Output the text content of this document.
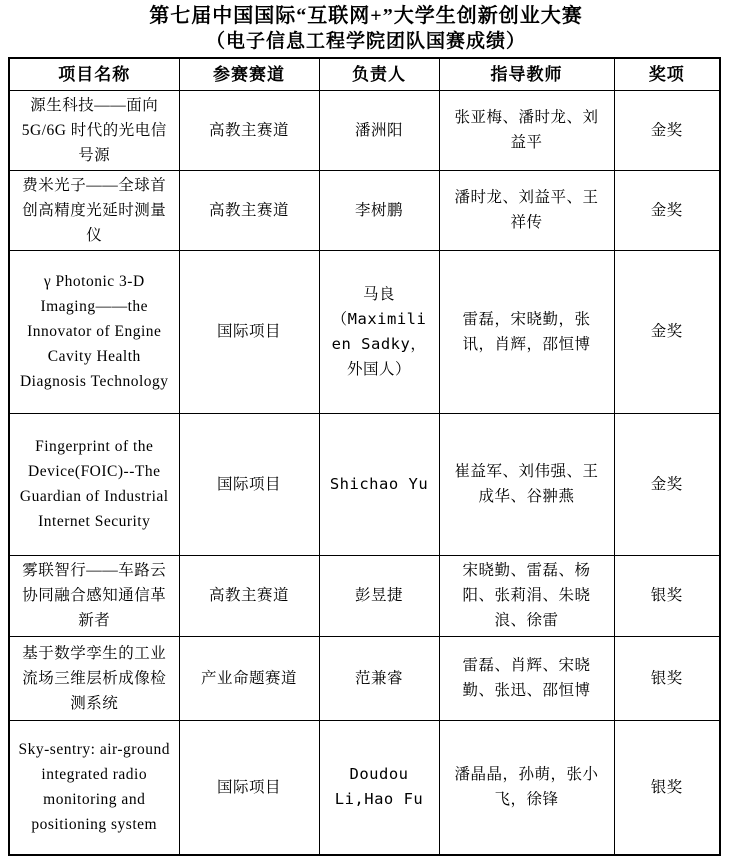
第七届中国国际“互联网+”大学生创新创业大赛
（电子信息工程学院团队国赛成绩）
项目名称	参赛赛道	负责人	指导教师	奖项
源生科技——面向5G/6G 时代的光电信号源	高教主赛道	潘洲阳	张亚梅、潘时龙、刘益平	金奖
费米光子——全球首创高精度光延时测量仪	高教主赛道	李树鹏	潘时龙、刘益平、王祥传	金奖
γ Photonic 3-D Imaging——the Innovator of Engine Cavity Health Diagnosis Technology	国际项目	马良（Maximilien Sadky，外国人）	雷磊，宋晓勤，张讯，肖辉，邵恒博	金奖
Fingerprint of the Device(FOIC)--The Guardian of Industrial Internet Security	国际项目	Shichao Yu	崔益军、刘伟强、王成华、谷翀燕	金奖
雾联智行——车路云协同融合感知通信革新者	高教主赛道	彭昱捷	宋晓勤、雷磊、杨阳、张莉涓、朱晓浪、徐雷	银奖
基于数学孪生的工业流场三维层析成像检测系统	产业命题赛道	范兼睿	雷磊、肖辉、宋晓勤、张迅、邵恒博	银奖
Sky-sentry: air-ground integrated radio monitoring and positioning system	国际项目	Doudou Li,Hao Fu	潘晶晶，孙萌，张小飞，徐锋	银奖
